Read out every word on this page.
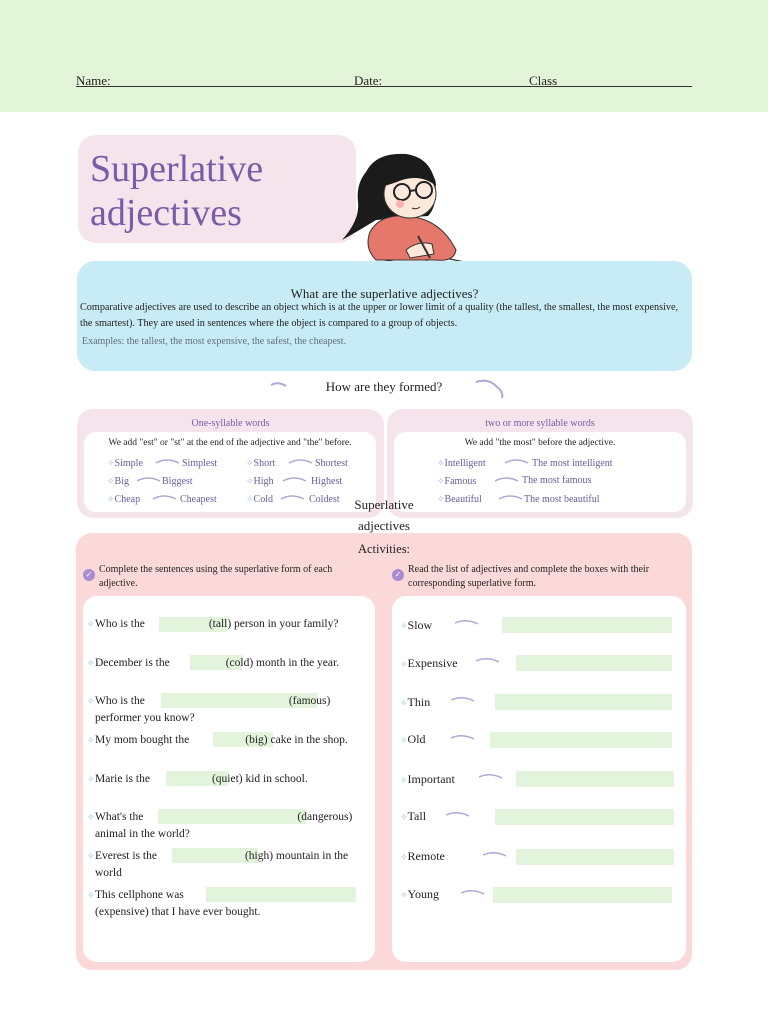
Name:	Date:	Class
Superlative
adjectives
What are the superlative adjectives?
Comparative adjectives are used to describe an object which is at the upper or lower limit of a quality (the tallest, the smallest, the most expensive, the smartest). They are used in sentences where the object is compared to a group of objects.
Examples: the tallest, the most expensive, the safest, the cheapest.
How are they formed?
One-syllable words
We add "est" or "st" at the end of the adjective and "the" before.
✧Simple	Simplest
✧Big	Biggest
✧Cheap	Cheapest
✧Short	Shortest
✧High	Highest
✧Cold	Coldest
two or more syllable words
We add "the most" before the adjective.
✧Intelligent	The most intelligent
✧Famous	The most famous
✧Beautiful	The most beautiful
Superlative
adjectives
Activities:
✓ Complete the sentences using the superlative form of each adjective.
✓ Read the list of adjectives and complete the boxes with their corresponding superlative form.
✧ Who is the	(tall) person in your family?
✧ December is the	(cold) month in the year.
✧ Who is the	(famous) performer you know?
✧ My mom bought the	(big) cake in the shop.
✧ Marie is the	(quiet) kid in school.
✧ What's the	(dangerous) animal in the world?
✧ Everest is the	(high) mountain in the world
✧ This cellphone was(expensive) that I have ever bought.
✧Slow
✧Expensive
✧Thin
✧Old
✧Important
✧Tall
✧Remote
✧Young
